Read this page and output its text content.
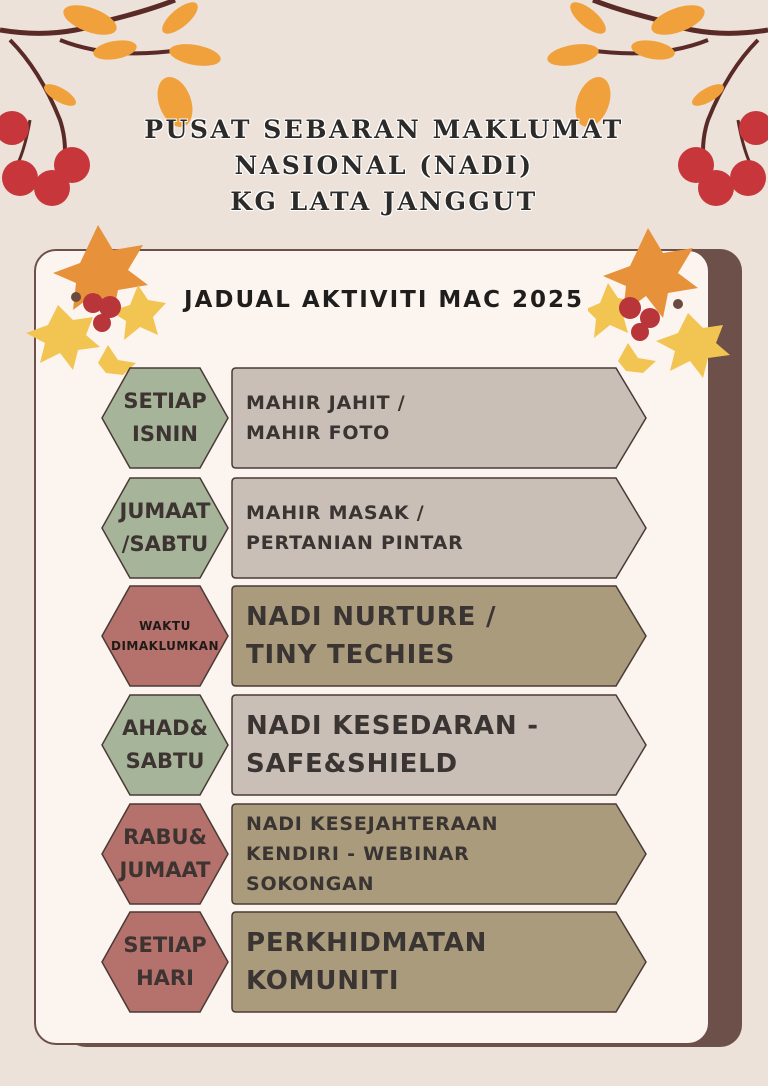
PUSAT SEBARAN MAKLUMAT
NASIONAL (NADI)
KG LATA JANGGUT
JADUAL AKTIVITI MAC 2025
SETIAP
ISNIN
MAHIR JAHIT /
MAHIR FOTO
JUMAAT
/SABTU
MAHIR MASAK /
PERTANIAN PINTAR
WAKTU
DIMAKLUMKAN
NADI NURTURE /
TINY TECHIES
AHAD&
SABTU
NADI KESEDARAN -
SAFE&SHIELD
RABU&
JUMAAT
NADI KESEJAHTERAAN
KENDIRI - WEBINAR
SOKONGAN
SETIAP
HARI
PERKHIDMATAN
KOMUNITI
